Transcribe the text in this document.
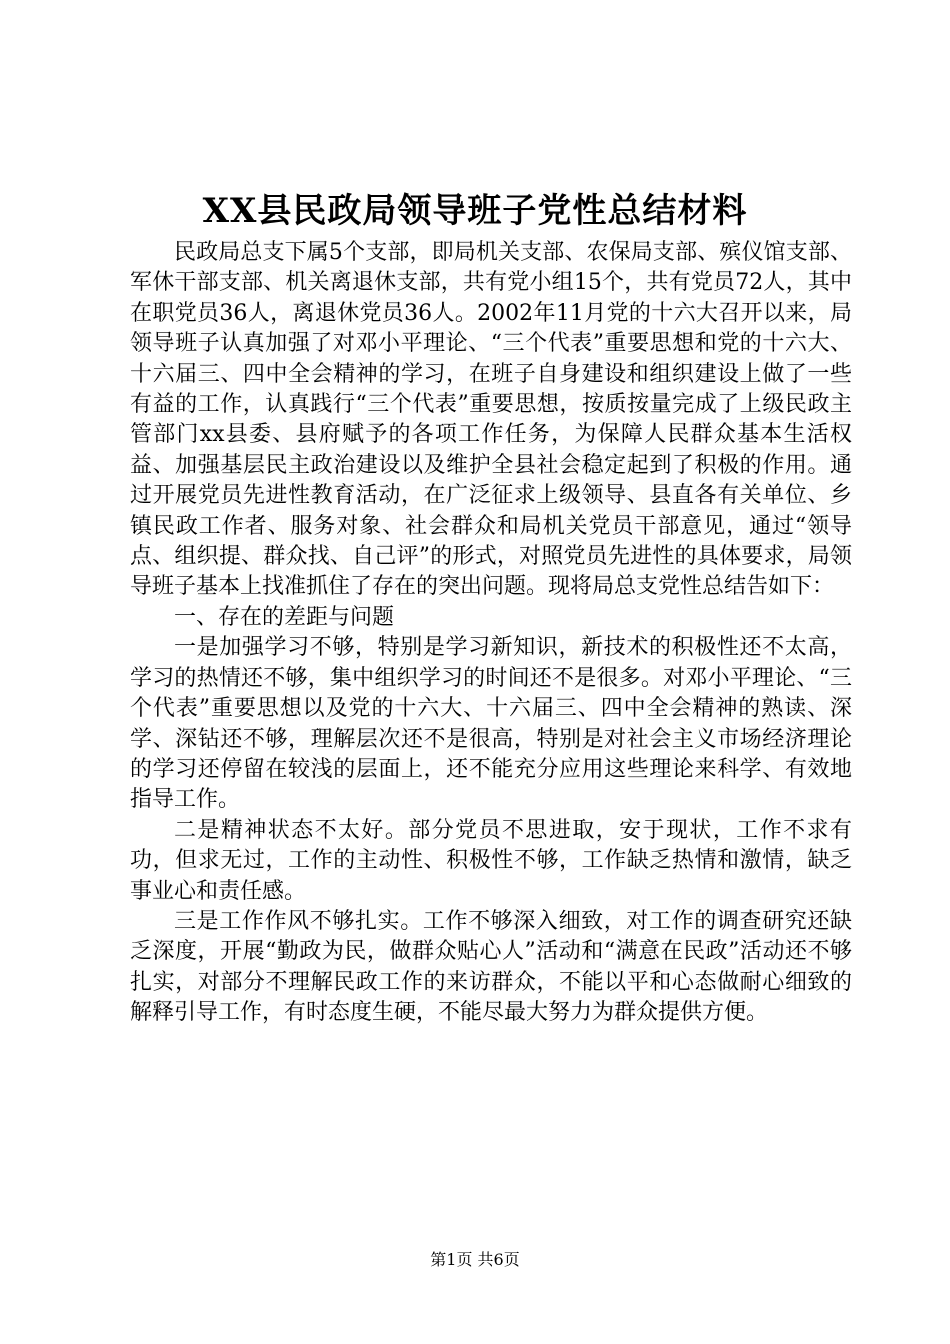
XX县民政局领导班子党性总结材料

民政局总支下属5个支部，即局机关支部、农保局支部、殡仪馆支部、军休干部支部、机关离退休支部，共有党小组15个，共有党员72人，其中在职党员36人，离退休党员36人。2002年11月党的十六大召开以来，局领导班子认真加强了对邓小平理论、“三个代表”重要思想和党的十六大、十六届三、四中全会精神的学习，在班子自身建设和组织建设上做了一些有益的工作，认真践行“三个代表”重要思想，按质按量完成了上级民政主管部门xx县委、县府赋予的各项工作任务，为保障人民群众基本生活权益、加强基层民主政治建设以及维护全县社会稳定起到了积极的作用。通过开展党员先进性教育活动，在广泛征求上级领导、县直各有关单位、乡镇民政工作者、服务对象、社会群众和局机关党员干部意见，通过“领导点、组织提、群众找、自己评”的形式，对照党员先进性的具体要求，局领导班子基本上找准抓住了存在的突出问题。现将局总支党性总结告如下：

一、存在的差距与问题

一是加强学习不够，特别是学习新知识，新技术的积极性还不太高，学习的热情还不够，集中组织学习的时间还不是很多。对邓小平理论、“三个代表”重要思想以及党的十六大、十六届三、四中全会精神的熟读、深学、深钻还不够，理解层次还不是很高，特别是对社会主义市场经济理论的学习还停留在较浅的层面上，还不能充分应用这些理论来科学、有效地指导工作。

二是精神状态不太好。部分党员不思进取，安于现状，工作不求有功，但求无过，工作的主动性、积极性不够，工作缺乏热情和激情，缺乏事业心和责任感。

三是工作作风不够扎实。工作不够深入细致，对工作的调查研究还缺乏深度，开展“勤政为民，做群众贴心人”活动和“满意在民政”活动还不够扎实，对部分不理解民政工作的来访群众，不能以平和心态做耐心细致的解释引导工作，有时态度生硬，不能尽最大努力为群众提供方便。

第1页 共6页
